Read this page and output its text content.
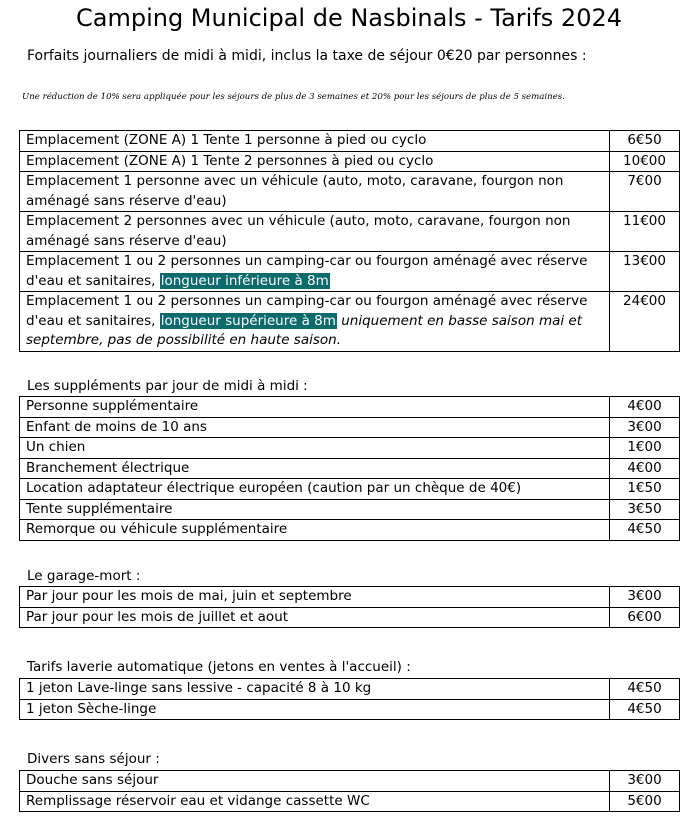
Camping Municipal de Nasbinals - Tarifs 2024
Forfaits journaliers de midi à midi, inclus la taxe de séjour 0€20 par personnes :
Une réduction de 10% sera appliquée pour les séjours de plus de 3 semaines et 20% pour les séjours de plus de 5 semaines.
Emplacement (ZONE A) 1 Tente 1 personne à pied ou cyclo	6€50
Emplacement (ZONE A) 1 Tente 2 personnes à pied ou cyclo	10€00
Emplacement 1 personne avec un véhicule (auto, moto, caravane, fourgon non aménagé sans réserve d'eau)	7€00
Emplacement 2 personnes avec un véhicule (auto, moto, caravane, fourgon non aménagé sans réserve d'eau)	11€00
Emplacement 1 ou 2 personnes un camping-car ou fourgon aménagé avec réserve d'eau et sanitaires, longueur inférieure à 8m	13€00
Emplacement 1 ou 2 personnes un camping-car ou fourgon aménagé avec réserve d'eau et sanitaires, longueur supérieure à 8m uniquement en basse saison mai et septembre, pas de possibilité en haute saison.	24€00
Les suppléments par jour de midi à midi :
Personne supplémentaire	4€00
Enfant de moins de 10 ans	3€00
Un chien	1€00
Branchement électrique	4€00
Location adaptateur électrique européen (caution par un chèque de 40€)	1€50
Tente supplémentaire	3€50
Remorque ou véhicule supplémentaire	4€50
Le garage-mort :
Par jour pour les mois de mai, juin et septembre	3€00
Par jour pour les mois de juillet et aout	6€00
Tarifs laverie automatique (jetons en ventes à l'accueil) :
1 jeton Lave-linge sans lessive - capacité 8 à 10 kg	4€50
1 jeton Sèche-linge	4€50
Divers sans séjour :
Douche sans séjour	3€00
Remplissage réservoir eau et vidange cassette WC	5€00
